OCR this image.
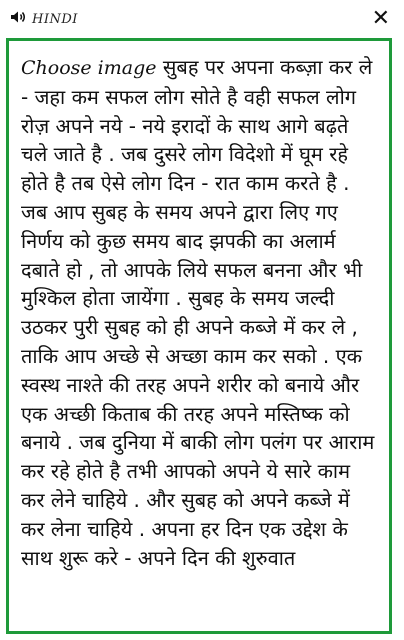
HINDI	✕
Choose image सुबह पर अपना कब्ज़ा कर ले - जहा कम सफल लोग सोते है वही सफल लोग रोज़ अपने नये - नये इरादों के साथ आगे बढ़ते चले जाते है . जब दुसरे लोग विदेशो में घूम रहे होते है तब ऐसे लोग दिन - रात काम करते है . जब आप सुबह के समय अपने द्वारा लिए गए निर्णय को कुछ समय बाद झपकी का अलार्म दबाते हो , तो आपके लिये सफल बनना और भी मुश्किल होता जायेंगा . सुबह के समय जल्दी उठकर पुरी सुबह को ही अपने कब्जे में कर ले , ताकि आप अच्छे से अच्छा काम कर सको . एक स्वस्थ नाश्ते की तरह अपने शरीर को बनाये और एक अच्छी किताब की तरह अपने मस्तिष्क को बनाये . जब दुनिया में बाकी लोग पलंग पर आराम कर रहे होते है तभी आपको अपने ये सारे काम कर लेने चाहिये . और सुबह को अपने कब्जे में कर लेना चाहिये . अपना हर दिन एक उद्देश के साथ शुरू करे - अपने दिन की शुरुवात
